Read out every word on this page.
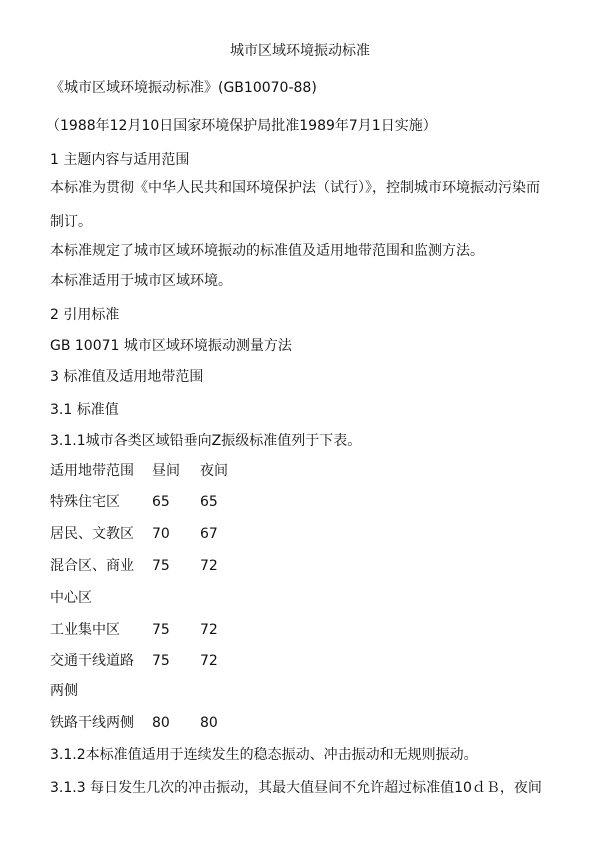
城市区域环境振动标准
《城市区域环境振动标准》(GB10070-88)
（1988年12月10日国家环境保护局批准1989年7月1日实施）
1 主题内容与适用范围
本标准为贯彻《中华人民共和国环境保护法（试行）》，控制城市环境振动污染而
制订。
本标准规定了城市区域环境振动的标准值及适用地带范围和监测方法。
本标准适用于城市区域环境。
2 引用标准
GB 10071 城市区域环境振动测量方法
3 标准值及适用地带范围
3.1 标准值
3.1.1城市各类区域铅垂向Z振级标准值列于下表。
适用地带范围 昼间 夜间
特殊住宅区 65 65
居民、文教区 70 67
混合区、商业 75 72
中心区
工业集中区 75 72
交通干线道路 75 72
两侧
铁路干线两侧 80 80
3.1.2本标准值适用于连续发生的稳态振动、冲击振动和无规则振动。
3.1.3 每日发生几次的冲击振动，其最大值昼间不允许超过标准值10ｄＢ，夜间
